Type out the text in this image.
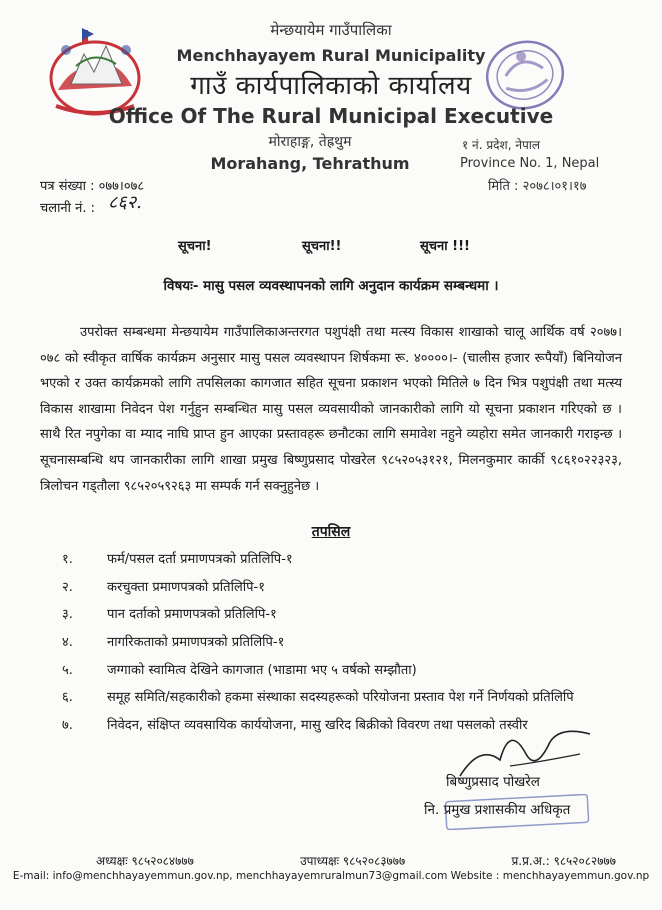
मेन्छयायेम गाउँपालिका
Menchhayayem Rural Municipality
गाउँ कार्यपालिकाको कार्यालय
Office Of The Rural Municipal Executive
मोराहाङ्ग, तेह्रथुम
Morahang, Tehrathum
१ नं. प्रदेश, नेपाल
Province No. 1, Nepal
मिति : २०७८।०१।१७
पत्र संख्या : ०७७।०७८
चलानी नं. : ८६२.
सूचना!	सूचना!!	सूचना !!!
विषयः- मासु पसल व्यवस्थापनको लागि अनुदान कार्यक्रम सम्बन्धमा ।
उपरोक्त सम्बन्धमा मेन्छयायेम गाउँपालिकाअन्तरगत पशुपंक्षी तथा मत्स्य विकास शाखाको चालू आर्थिक वर्ष २०७७।०७८ को स्वीकृत वार्षिक कार्यक्रम अनुसार मासु पसल व्यवस्थापन शिर्षकमा रू. ४००००।- (चालीस हजार रूपैयाँ) बिनियोजन भएको र उक्त कार्यक्रमको लागि तपसिलका कागजात सहित सूचना प्रकाशन भएको मितिले ७ दिन भित्र पशुपंक्षी तथा मत्स्य विकास शाखामा निवेदन पेश गर्नुहुन सम्बन्धित मासु पसल व्यवसायीको जानकारीको लागि यो सूचना प्रकाशन गरिएको छ । साथै रित नपुगेका वा म्याद नाघि प्राप्त हुन आएका प्रस्तावहरू छनौटका लागि समावेश नहुने व्यहोरा समेत जानकारी गराइन्छ । सूचनासम्बन्धि थप जानकारीका लागि शाखा प्रमुख बिष्णुप्रसाद पोखरेल ९८५२०५३१२१, मिलनकुमार कार्की ९८६१०२२३२३, त्रिलोचन गड्तौला ९८५२०५९२६३ मा सम्पर्क गर्न सक्नुहुनेछ ।
तपसिल
१.	फर्म/पसल दर्ता प्रमाणपत्रको प्रतिलिपि-१
२.	करचुक्ता प्रमाणपत्रको प्रतिलिपि-१
३.	पान दर्ताको प्रमाणपत्रको प्रतिलिपि-१
४.	नागरिकताको प्रमाणपत्रको प्रतिलिपि-१
५.	जग्गाको स्वामित्व देखिने कागजात (भाडामा भए ५ वर्षको सम्झौता)
६.	समूह समिति/सहकारीको हकमा संस्थाका सदस्यहरूको परियोजना प्रस्ताव पेश गर्ने निर्णयको प्रतिलिपि
७.	निवेदन, संक्षिप्त व्यवसायिक कार्ययोजना, मासु खरिद बिक्रीको विवरण तथा पसलको तस्वीर
बिष्णुप्रसाद पोखरेल
नि. प्रमुख प्रशासकीय अधिकृत
अध्यक्षः ९८५२०८४७७७	उपाध्यक्षः ९८५२०८३७७७	प्र.प्र.अ.: ९८५२०८२७७७
E-mail: info@menchhayayemmun.gov.np, menchhayayemruralmun73@gmail.com Website : menchhayayemmun.gov.np
